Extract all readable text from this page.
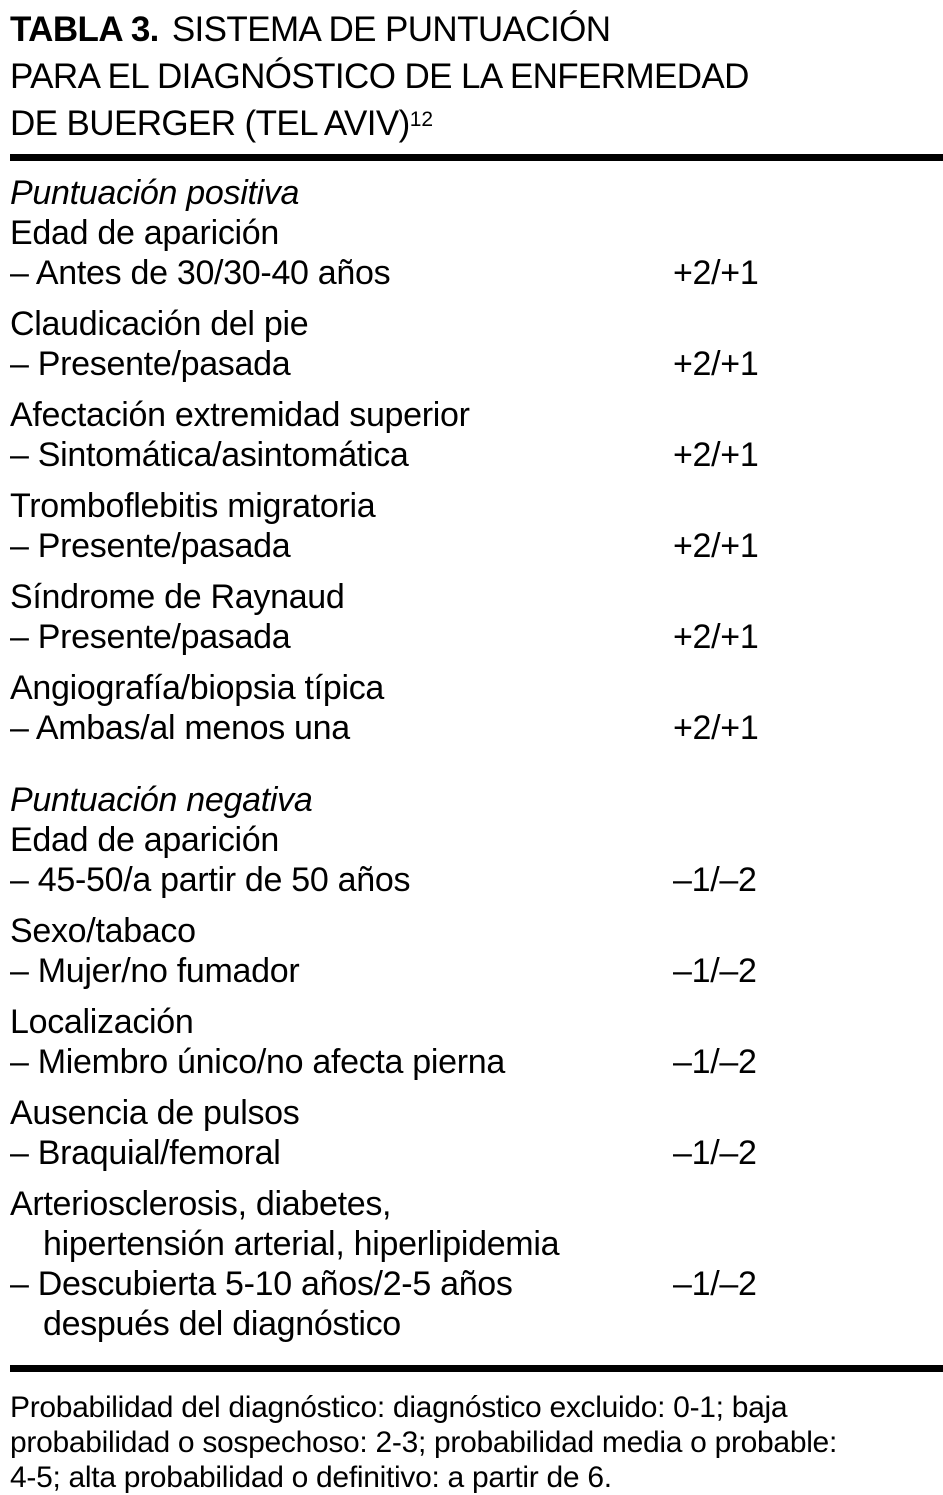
TABLA 3. SISTEMA DE PUNTUACIÓN
PARA EL DIAGNÓSTICO DE LA ENFERMEDAD
DE BUERGER (TEL AVIV)$^{12}$
Puntuación positiva
Edad de aparición
– Antes de 30/30-40 años	+2/+1
Claudicación del pie
– Presente/pasada	+2/+1
Afectación extremidad superior
– Sintomática/asintomática	+2/+1
Tromboflebitis migratoria
– Presente/pasada	+2/+1
Síndrome de Raynaud
– Presente/pasada	+2/+1
Angiografía/biopsia típica
– Ambas/al menos una	+2/+1
Puntuación negativa
Edad de aparición
– 45-50/a partir de 50 años	–1/–2
Sexo/tabaco
– Mujer/no fumador	–1/–2
Localización
– Miembro único/no afecta pierna	–1/–2
Ausencia de pulsos
– Braquial/femoral	–1/–2
Arteriosclerosis, diabetes,
hipertensión arterial, hiperlipidemia
– Descubierta 5-10 años/2-5 años	–1/–2
después del diagnóstico
Probabilidad del diagnóstico: diagnóstico excluido: 0-1; baja
probabilidad o sospechoso: 2-3; probabilidad media o probable:
4-5; alta probabilidad o definitivo: a partir de 6.
